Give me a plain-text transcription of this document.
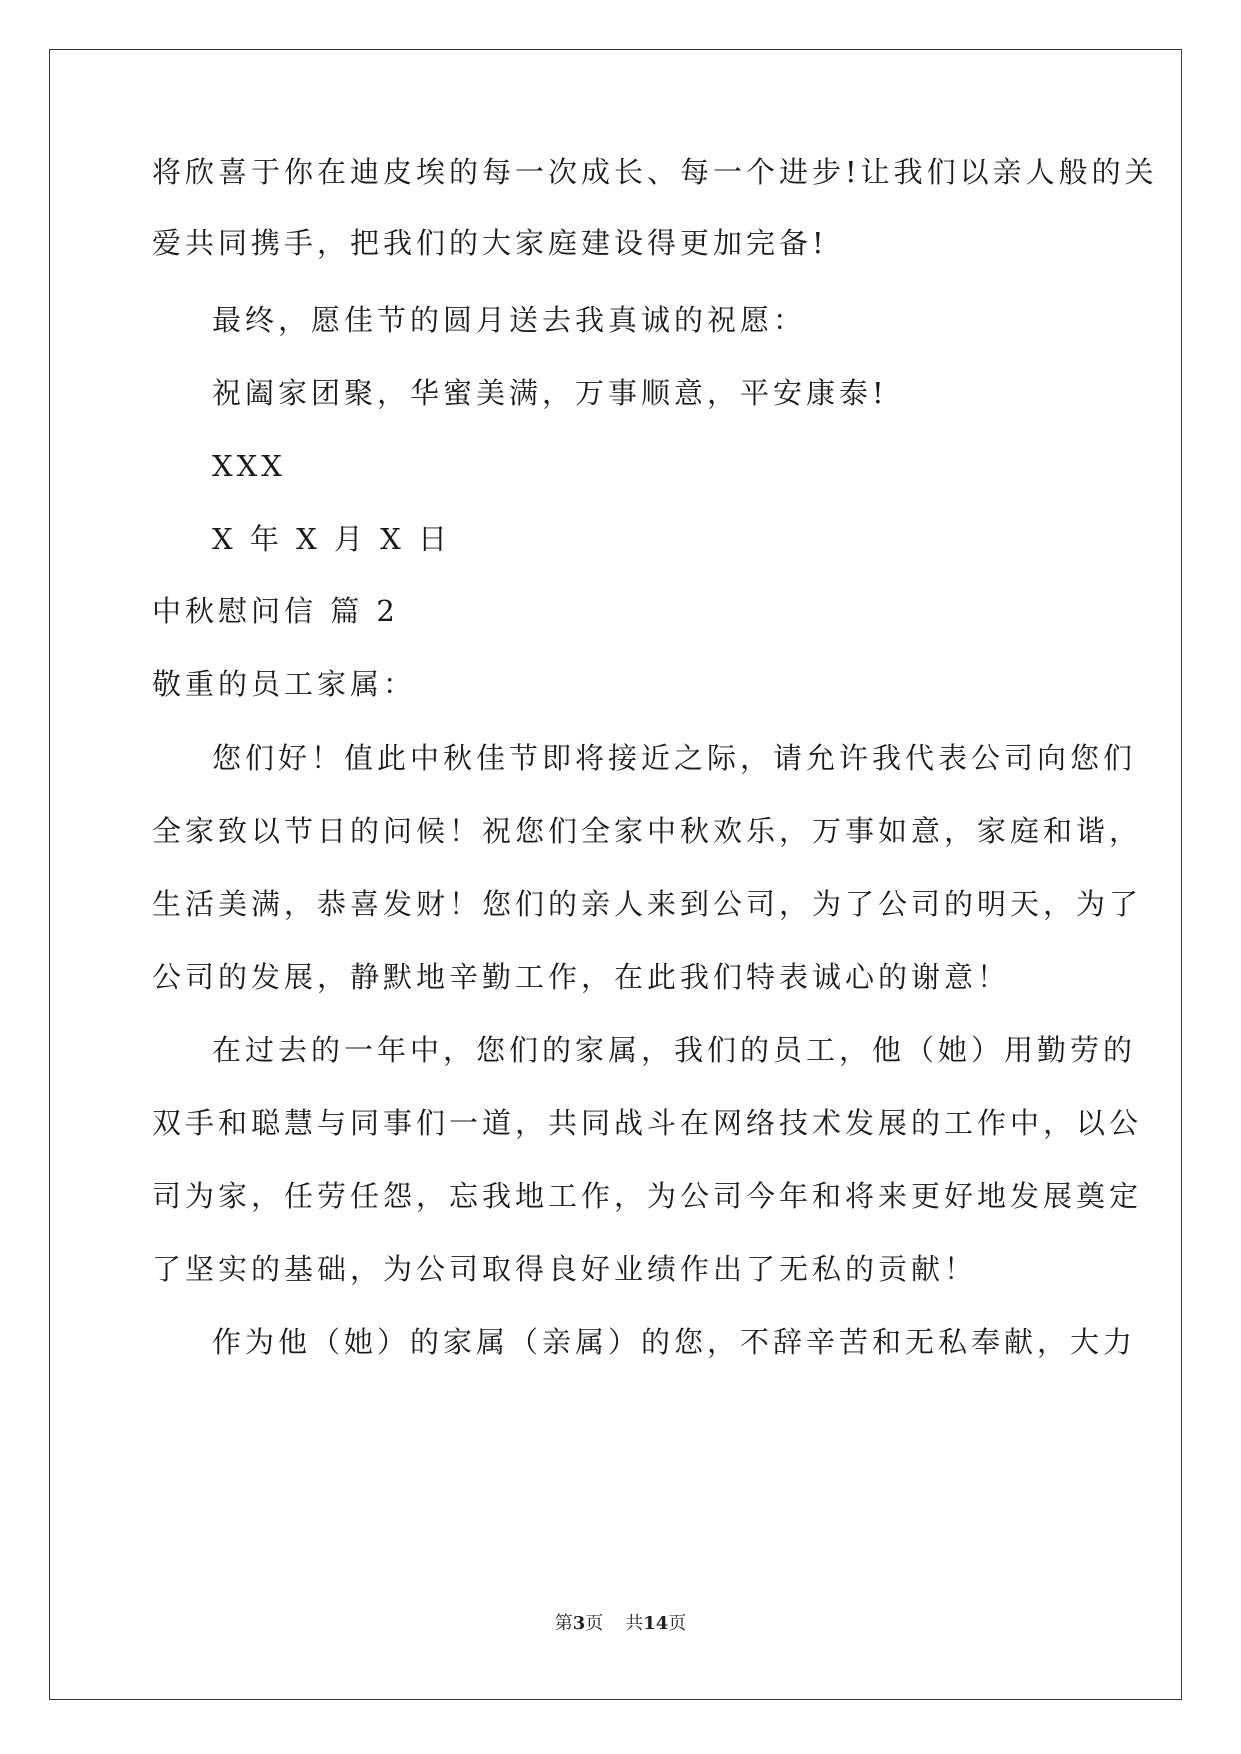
将欣喜于你在迪皮埃的每一次成长、每一个进步!让我们以亲人般的关
爱共同携手，把我们的大家庭建设得更加完备!
最终，愿佳节的圆月送去我真诚的祝愿：
祝阖家团聚，华蜜美满，万事顺意，平安康泰!
XXX
X 年 X 月 X 日
中秋慰问信 篇 2
敬重的员工家属：
您们好！值此中秋佳节即将接近之际，请允许我代表公司向您们
全家致以节日的问候！祝您们全家中秋欢乐，万事如意，家庭和谐，
生活美满，恭喜发财！您们的亲人来到公司，为了公司的明天，为了
公司的发展，静默地辛勤工作，在此我们特表诚心的谢意！
在过去的一年中，您们的家属，我们的员工，他（她）用勤劳的
双手和聪慧与同事们一道，共同战斗在网络技术发展的工作中，以公
司为家，任劳任怨，忘我地工作，为公司今年和将来更好地发展奠定
了坚实的基础，为公司取得良好业绩作出了无私的贡献！
作为他（她）的家属（亲属）的您，不辞辛苦和无私奉献，大力
第3页 共14页
